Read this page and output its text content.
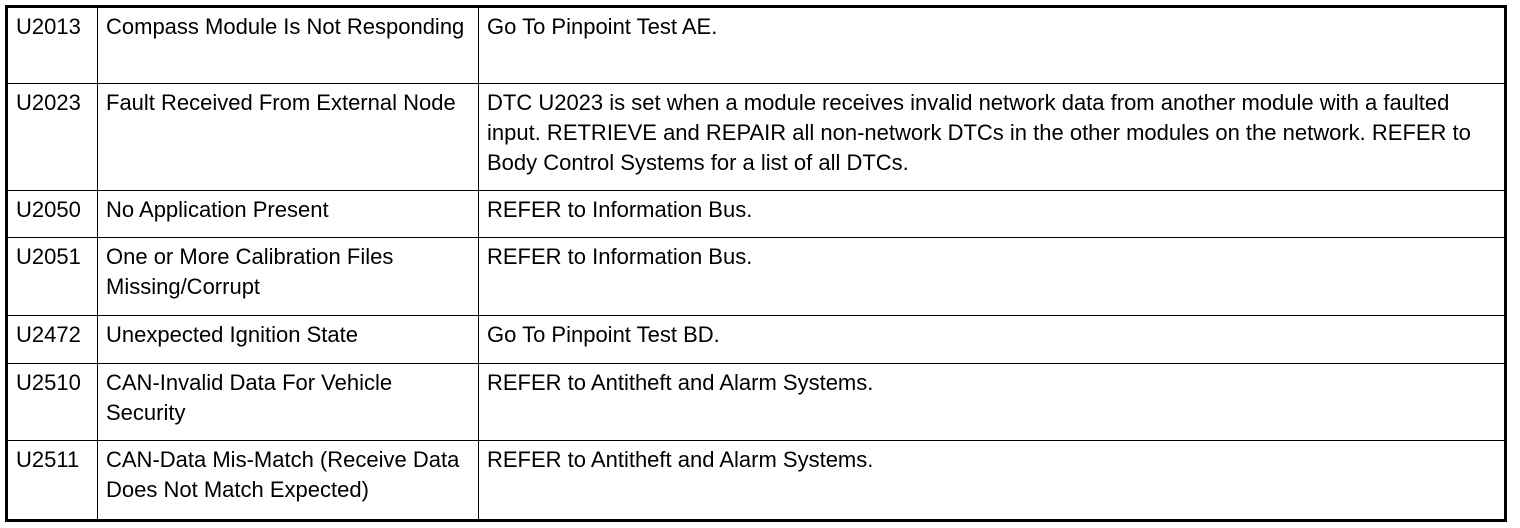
U2013	Compass Module Is Not Responding	Go To Pinpoint Test AE.
U2023	Fault Received From External Node	DTC U2023 is set when a module receives invalid network data from another module with a faulted input. RETRIEVE and REPAIR all non-network DTCs in the other modules on the network. REFER to Body Control Systems for a list of all DTCs.
U2050	No Application Present	REFER to Information Bus.
U2051	One or More Calibration Files Missing/Corrupt	REFER to Information Bus.
U2472	Unexpected Ignition State	Go To Pinpoint Test BD.
U2510	CAN-Invalid Data For Vehicle Security	REFER to Antitheft and Alarm Systems.
U2511	CAN-Data Mis-Match (Receive Data Does Not Match Expected)	REFER to Antitheft and Alarm Systems.
